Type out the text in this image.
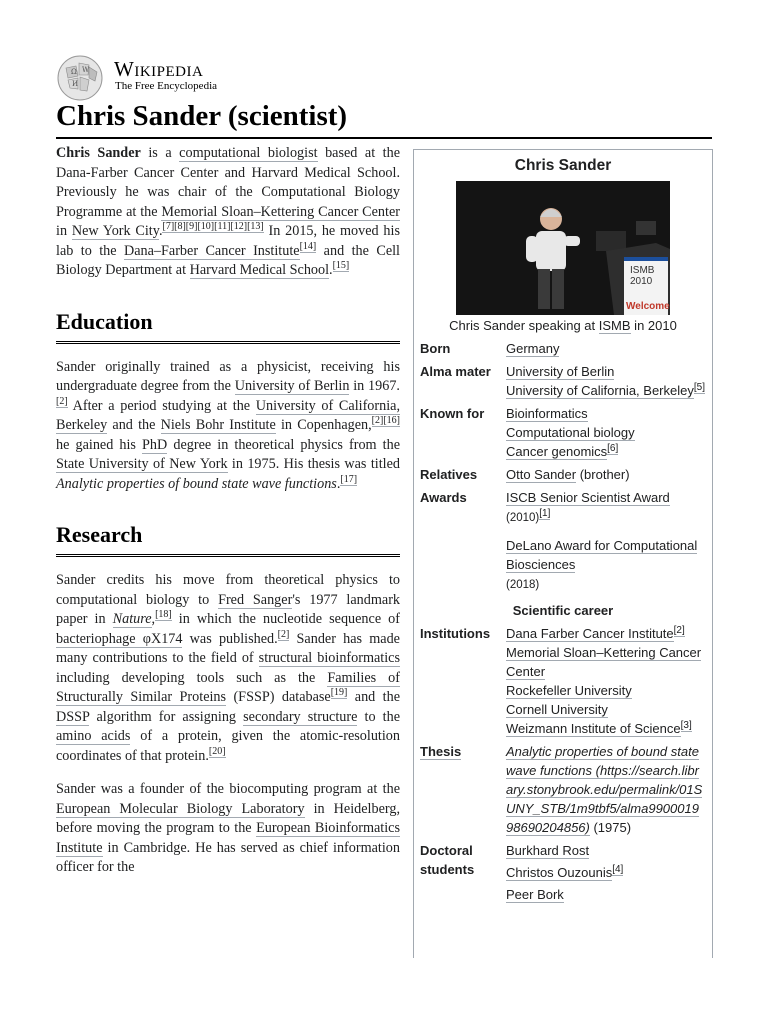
Ω W
И
Wikipedia
The Free Encyclopedia
Chris Sander (scientist)

Chris Sander is a computational biologist based at the Dana-Farber Cancer Center and Harvard Medical School. Previously he was chair of the Computational Biology Programme at the Memorial Sloan–Kettering Cancer Center in New York City.[7][8][9][10][11][12][13] In 2015, he moved his lab to the Dana–Farber Cancer Institute[14] and the Cell Biology Department at Harvard Medical School.[15]

Education

Sander originally trained as a physicist, receiving his undergraduate degree from the University of Berlin in 1967.[2] After a period studying at the University of California, Berkeley and the Niels Bohr Institute in Copenhagen,[2][16] he gained his PhD degree in theoretical physics from the State University of New York in 1975. His thesis was titled Analytic properties of bound state wave functions.[17]

Research

Sander credits his move from theoretical physics to computational biology to Fred Sanger's 1977 landmark paper in Nature,[18] in which the nucleotide sequence of bacteriophage φX174 was published.[2] Sander has made many contributions to the field of structural bioinformatics including developing tools such as the Families of Structurally Similar Proteins (FSSP) database[19] and the DSSP algorithm for assigning secondary structure to the amino acids of a protein, given the atomic-resolution coordinates of that protein.[20]

Sander was a founder of the biocomputing program at the European Molecular Biology Laboratory in Heidelberg, before moving the program to the European Bioinformatics Institute in Cambridge. He has served as chief information officer for the

Chris Sander
ISMB
2010
Welcome
Chris Sander speaking at ISMB in 2010
Born	Germany
Alma mater	University of Berlin
University of California, Berkeley[5]
Known for	Bioinformatics
Computational biology
Cancer genomics[6]
Relatives	Otto Sander (brother)
Awards	ISCB Senior Scientist Award
(2010)[1]
DeLano Award for Computational Biosciences
(2018)
Scientific career
Institutions	Dana Farber Cancer Institute[2]
Memorial Sloan–Kettering Cancer Center
Rockefeller University
Cornell University
Weizmann Institute of Science[3]
Thesis	Analytic properties of bound state wave functions (https://search.library.stonybrook.edu/permalink/01SUNY_STB/1m9tbf5/alma990001998690204856) (1975)
Doctoral students
Burkhard Rost
Christos Ouzounis[4]
Peer Bork
